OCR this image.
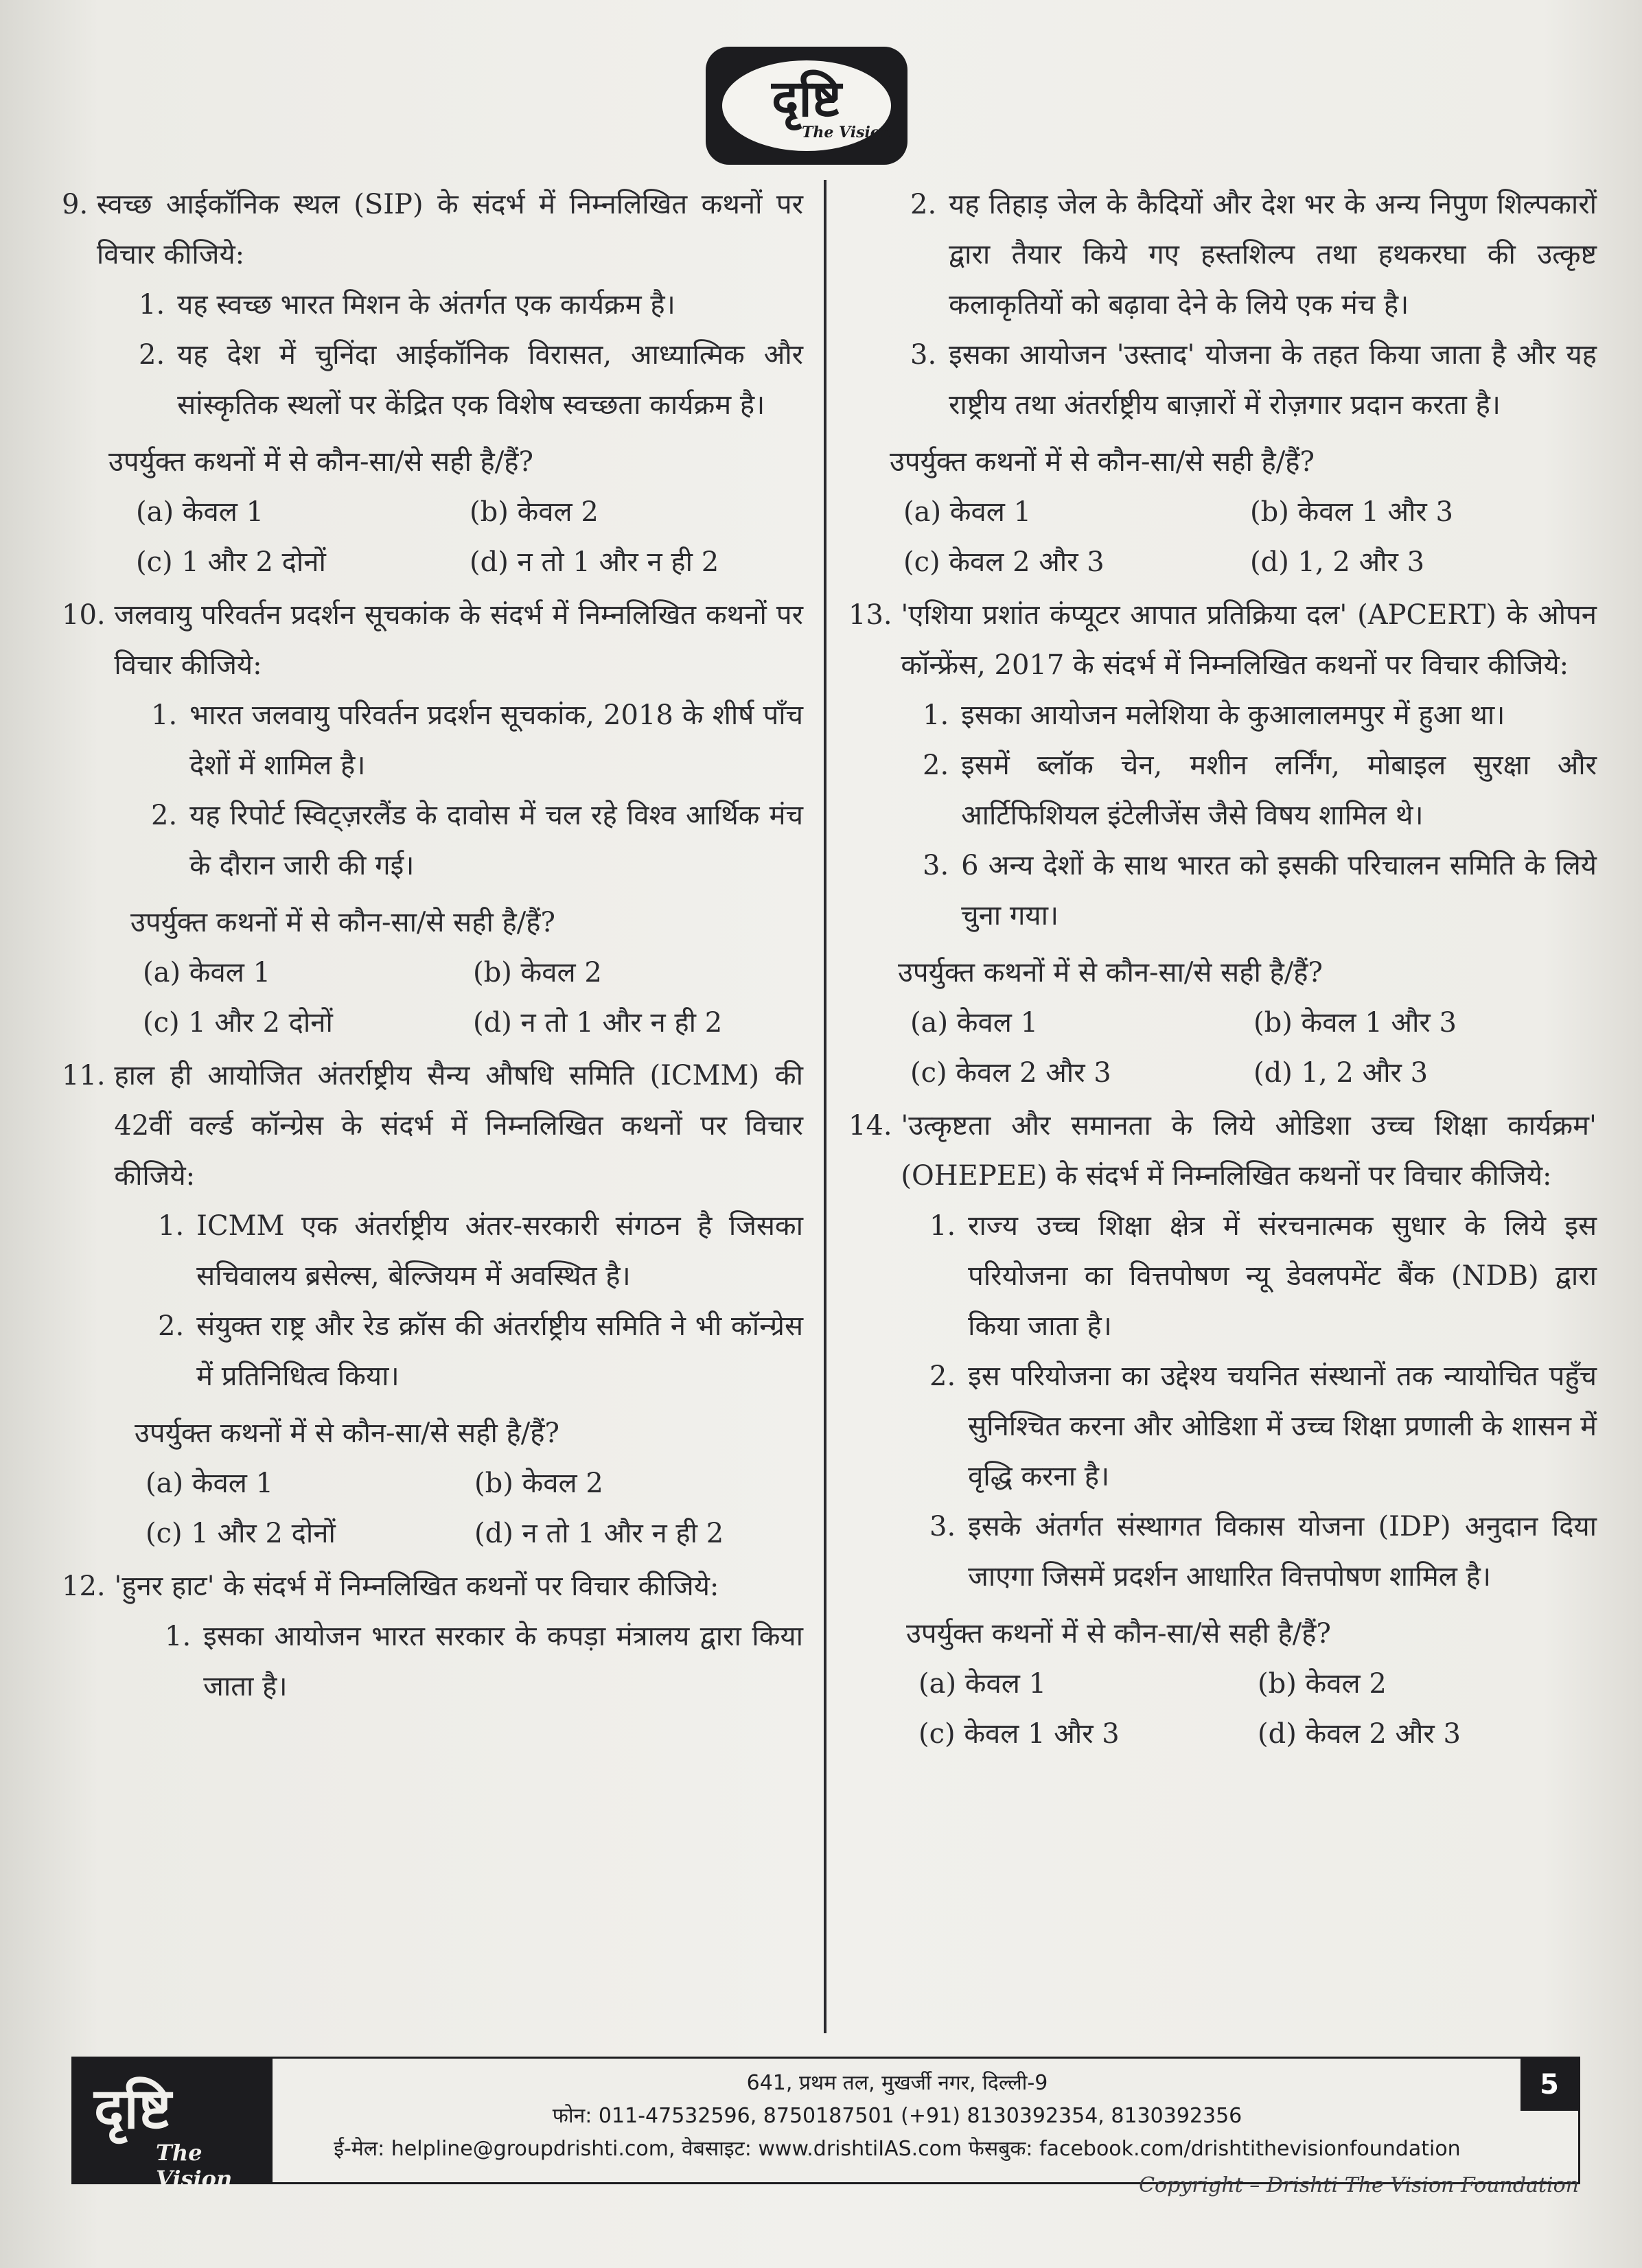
दृष्टि
The Vision
9.
स्वच्छ आईकॉनिक स्थल (SIP) के संदर्भ में निम्नलिखित कथनों पर विचार कीजिये:
1. यह स्वच्छ भारत मिशन के अंतर्गत एक कार्यक्रम है।
2. यह देश में चुनिंदा आईकॉनिक विरासत, आध्यात्मिक और सांस्कृतिक स्थलों पर केंद्रित एक विशेष स्वच्छता कार्यक्रम है।
उपर्युक्त कथनों में से कौन-सा/से सही है/हैं?
(a) केवल 1	(b) केवल 2
(c) 1 और 2 दोनों	(d) न तो 1 और न ही 2
10.
जलवायु परिवर्तन प्रदर्शन सूचकांक के संदर्भ में निम्नलिखित कथनों पर विचार कीजिये:
1. भारत जलवायु परिवर्तन प्रदर्शन सूचकांक, 2018 के शीर्ष पाँच देशों में शामिल है।
2. यह रिपोर्ट स्विट्ज़रलैंड के दावोस में चल रहे विश्व आर्थिक मंच के दौरान जारी की गई।
उपर्युक्त कथनों में से कौन-सा/से सही है/हैं?
(a) केवल 1	(b) केवल 2
(c) 1 और 2 दोनों	(d) न तो 1 और न ही 2
11.
हाल ही आयोजित अंतर्राष्ट्रीय सैन्य औषधि समिति (ICMM) की 42वीं वर्ल्ड कॉन्ग्रेस के संदर्भ में निम्नलिखित कथनों पर विचार कीजिये:
1. ICMM एक अंतर्राष्ट्रीय अंतर-सरकारी संगठन है जिसका सचिवालय ब्रसेल्स, बेल्जियम में अवस्थित है।
2. संयुक्त राष्ट्र और रेड क्रॉस की अंतर्राष्ट्रीय समिति ने भी कॉन्ग्रेस में प्रतिनिधित्व किया।
उपर्युक्त कथनों में से कौन-सा/से सही है/हैं?
(a) केवल 1	(b) केवल 2
(c) 1 और 2 दोनों	(d) न तो 1 और न ही 2
12.
'हुनर हाट' के संदर्भ में निम्नलिखित कथनों पर विचार कीजिये:
1. इसका आयोजन भारत सरकार के कपड़ा मंत्रालय द्वारा किया जाता है।
2. यह तिहाड़ जेल के कैदियों और देश भर के अन्य निपुण शिल्पकारों द्वारा तैयार किये गए हस्तशिल्प तथा हथकरघा की उत्कृष्ट कलाकृतियों को बढ़ावा देने के लिये एक मंच है।
3. इसका आयोजन 'उस्ताद' योजना के तहत किया जाता है और यह राष्ट्रीय तथा अंतर्राष्ट्रीय बाज़ारों में रोज़गार प्रदान करता है।
उपर्युक्त कथनों में से कौन-सा/से सही है/हैं?
(a) केवल 1	(b) केवल 1 और 3
(c) केवल 2 और 3	(d) 1, 2 और 3
13.
'एशिया प्रशांत कंप्यूटर आपात प्रतिक्रिया दल' (APCERT) के ओपन कॉन्फ्रेंस, 2017 के संदर्भ में निम्नलिखित कथनों पर विचार कीजिये:
1. इसका आयोजन मलेशिया के कुआलालमपुर में हुआ था।
2. इसमें ब्लॉक चेन, मशीन लर्निंग, मोबाइल सुरक्षा और आर्टिफिशियल इंटेलीजेंस जैसे विषय शामिल थे।
3. 6 अन्य देशों के साथ भारत को इसकी परिचालन समिति के लिये चुना गया।
उपर्युक्त कथनों में से कौन-सा/से सही है/हैं?
(a) केवल 1	(b) केवल 1 और 3
(c) केवल 2 और 3	(d) 1, 2 और 3
14.
'उत्कृष्टता और समानता के लिये ओडिशा उच्च शिक्षा कार्यक्रम' (OHEPEE) के संदर्भ में निम्नलिखित कथनों पर विचार कीजिये:
1. राज्य उच्च शिक्षा क्षेत्र में संरचनात्मक सुधार के लिये इस परियोजना का वित्तपोषण न्यू डेवलपमेंट बैंक (NDB) द्वारा किया जाता है।
2. इस परियोजना का उद्देश्य चयनित संस्थानों तक न्यायोचित पहुँच सुनिश्चित करना और ओडिशा में उच्च शिक्षा प्रणाली के शासन में वृद्धि करना है।
3. इसके अंतर्गत संस्थागत विकास योजना (IDP) अनुदान दिया जाएगा जिसमें प्रदर्शन आधारित वित्तपोषण शामिल है।
उपर्युक्त कथनों में से कौन-सा/से सही है/हैं?
(a) केवल 1	(b) केवल 2
(c) केवल 1 और 3	(d) केवल 2 और 3
दृष्टि
The Vision
641, प्रथम तल, मुखर्जी नगर, दिल्ली-9
फोन: 011-47532596, 8750187501 (+91) 8130392354, 8130392356
ई-मेल: helpline@groupdrishti.com, वेबसाइट: www.drishtiIAS.com फेसबुक: facebook.com/drishtithevisionfoundation
5
Copyright – Drishti The Vision Foundation
